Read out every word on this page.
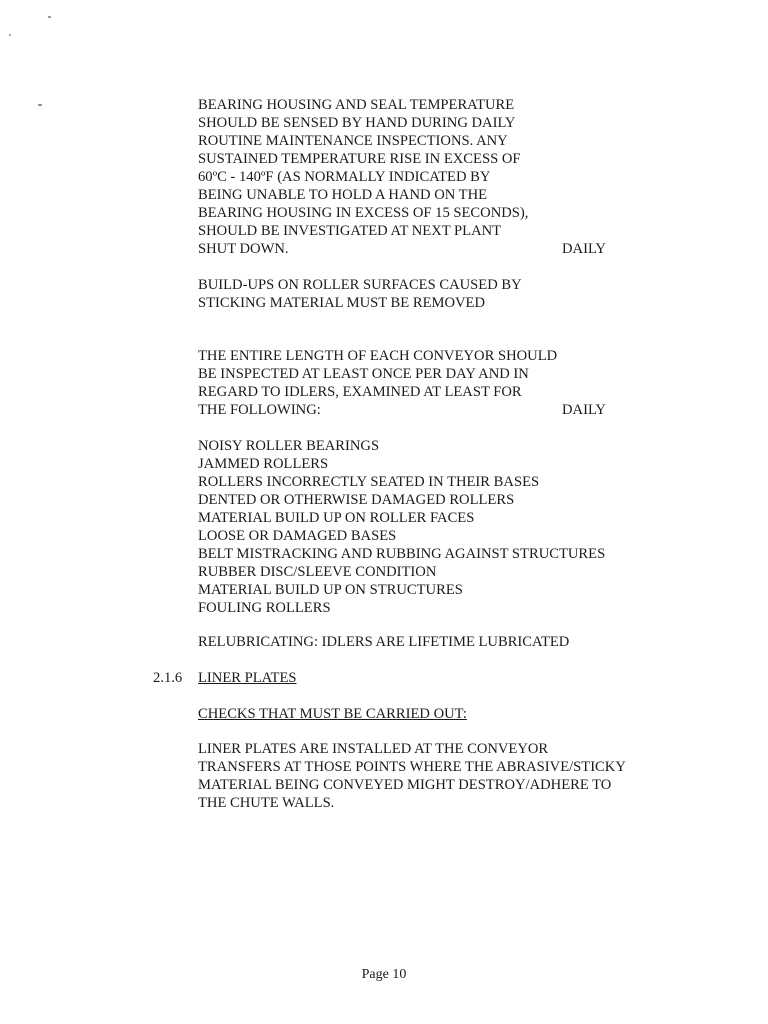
BEARING HOUSING AND SEAL TEMPERATURE
SHOULD BE SENSED BY HAND DURING DAILY
ROUTINE MAINTENANCE INSPECTIONS. ANY
SUSTAINED TEMPERATURE RISE IN EXCESS OF
60ºC - 140ºF (AS NORMALLY INDICATED BY
BEING UNABLE TO HOLD A HAND ON THE
BEARING HOUSING IN EXCESS OF 15 SECONDS),
SHOULD BE INVESTIGATED AT NEXT PLANT
SHUT DOWN.	DAILY
BUILD-UPS ON ROLLER SURFACES CAUSED BY
STICKING MATERIAL MUST BE REMOVED
THE ENTIRE LENGTH OF EACH CONVEYOR SHOULD
BE INSPECTED AT LEAST ONCE PER DAY AND IN
REGARD TO IDLERS, EXAMINED AT LEAST FOR
THE FOLLOWING:	DAILY
NOISY ROLLER BEARINGS
JAMMED ROLLERS
ROLLERS INCORRECTLY SEATED IN THEIR BASES
DENTED OR OTHERWISE DAMAGED ROLLERS
MATERIAL BUILD UP ON ROLLER FACES
LOOSE OR DAMAGED BASES
BELT MISTRACKING AND RUBBING AGAINST STRUCTURES
RUBBER DISC/SLEEVE CONDITION
MATERIAL BUILD UP ON STRUCTURES
FOULING ROLLERS
RELUBRICATING: IDLERS ARE LIFETIME LUBRICATED
2.1.6 LINER PLATES
CHECKS THAT MUST BE CARRIED OUT:
LINER PLATES ARE INSTALLED AT THE CONVEYOR
TRANSFERS AT THOSE POINTS WHERE THE ABRASIVE/STICKY
MATERIAL BEING CONVEYED MIGHT DESTROY/ADHERE TO
THE CHUTE WALLS.
Page 10
